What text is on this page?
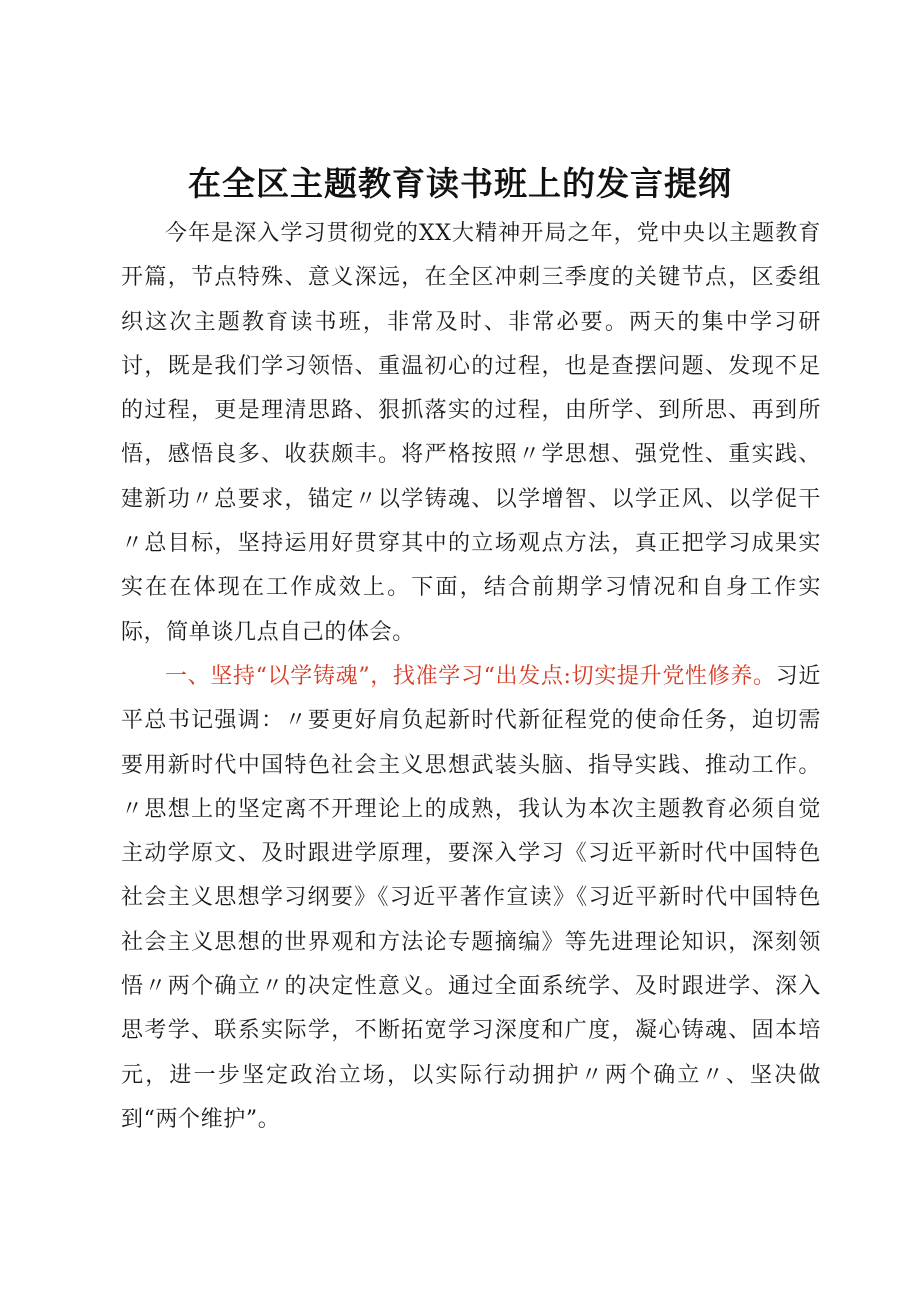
在全区主题教育读书班上的发言提纲

今年是深入学习贯彻党的XX大精神开局之年，党中央以主题教育开篇，节点特殊、意义深远，在全区冲刺三季度的关键节点，区委组织这次主题教育读书班，非常及时、非常必要。两天的集中学习研讨，既是我们学习领悟、重温初心的过程，也是查摆问题、发现不足的过程，更是理清思路、狠抓落实的过程，由所学、到所思、再到所悟，感悟良多、收获颇丰。将严格按照〃学思想、强党性、重实践、建新功〃总要求，锚定〃以学铸魂、以学增智、以学正风、以学促干〃总目标，坚持运用好贯穿其中的立场观点方法，真正把学习成果实实在在体现在工作成效上。下面，结合前期学习情况和自身工作实际，简单谈几点自己的体会。

一、坚持“以学铸魂”，找准学习“出发点:切实提升党性修养。习近平总书记强调：〃要更好肩负起新时代新征程党的使命任务，迫切需要用新时代中国特色社会主义思想武装头脑、指导实践、推动工作。〃思想上的坚定离不开理论上的成熟，我认为本次主题教育必须自觉主动学原文、及时跟进学原理，要深入学习《习近平新时代中国特色社会主义思想学习纲要》《习近平著作宣读》《习近平新时代中国特色社会主义思想的世界观和方法论专题摘编》等先进理论知识，深刻领悟〃两个确立〃的决定性意义。通过全面系统学、及时跟进学、深入思考学、联系实际学，不断拓宽学习深度和广度，凝心铸魂、固本培元，进一步坚定政治立场，以实际行动拥护〃两个确立〃、坚决做到“两个维护”。
